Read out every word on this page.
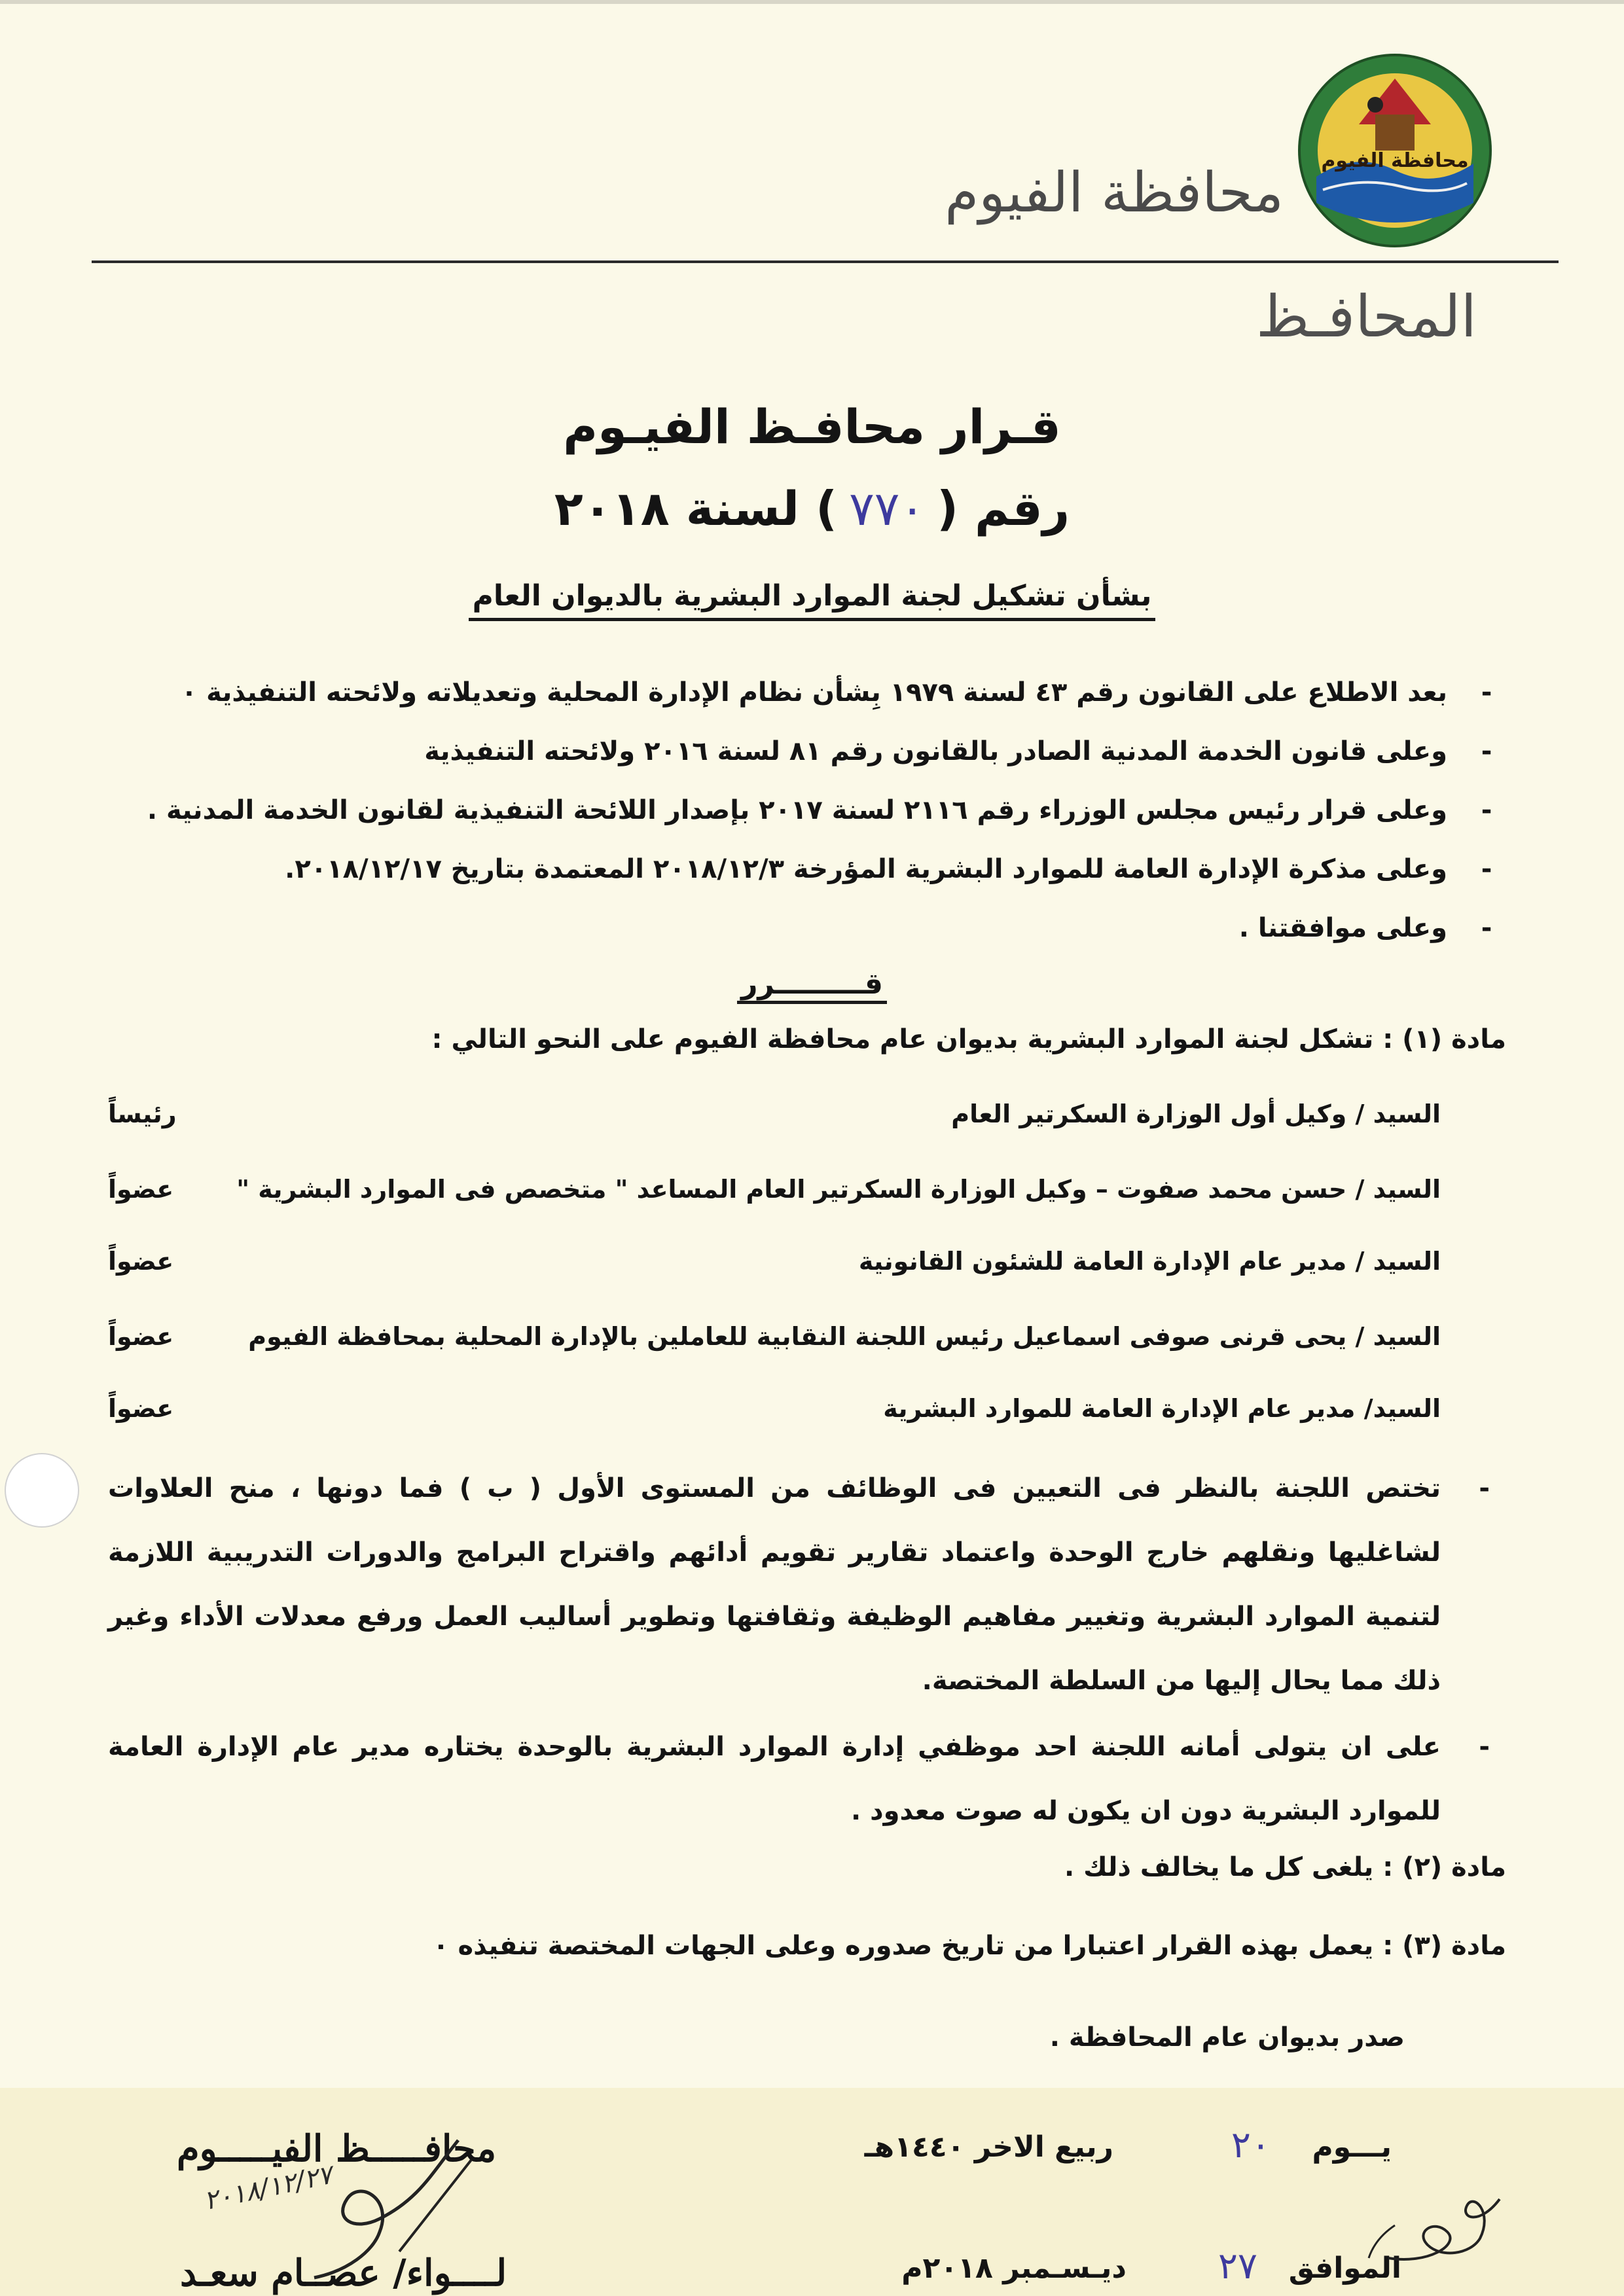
محافظة الفيوم
محافظة الفيوم
المحافـظ
قـرار محافـظ الفيـوم
رقم (٧٧٠) لسنة ٢٠١٨
بشأن تشكيل لجنة الموارد البشرية بالديوان العام
-بعد الاطلاع على القانون رقم ٤٣ لسنة ١٩٧٩ بِشأن نظام الإدارة المحلية وتعديلاته ولائحته التنفيذية ٠
-وعلى قانون الخدمة المدنية الصادر بالقانون رقم ٨١ لسنة ٢٠١٦ ولائحته التنفيذية
-وعلى قرار رئيس مجلس الوزراء رقم ٢١١٦ لسنة ٢٠١٧ بإصدار اللائحة التنفيذية لقانون الخدمة المدنية .
-وعلى مذكرة الإدارة العامة للموارد البشرية المؤرخة ٢٠١٨/١٢/٣ المعتمدة بتاريخ ٢٠١٨/١٢/١٧.
-وعلى موافقتنا .
قـــــــــرر
مادة (١) : تشكل لجنة الموارد البشرية بديوان عام محافظة الفيوم على النحو التالي :
السيد / وكيل أول الوزارة السكرتير العام
رئيساً
السيد / حسن محمد صفوت – وكيل الوزارة السكرتير العام المساعد " متخصص فى الموارد البشرية "
عضواً
السيد / مدير عام الإدارة العامة للشئون القانونية
عضواً
السيد / يحى قرنى صوفى اسماعيل رئيس اللجنة النقابية للعاملين بالإدارة المحلية بمحافظة الفيوم
عضواً
السيد/ مدير عام الإدارة العامة للموارد البشرية
عضواً
-
تختص اللجنة بالنظر فى التعيين فى الوظائف من المستوى الأول ( ب ) فما دونها ، منح العلاوات لشاغليها ونقلهم خارج الوحدة واعتماد تقارير تقويم أدائهم واقتراح البرامج والدورات التدريبية اللازمة لتنمية الموارد البشرية وتغيير مفاهيم الوظيفة وثقافتها وتطوير أساليب العمل ورفع معدلات الأداء وغير ذلك مما يحال إليها من السلطة المختصة.
-
على ان يتولى أمانه اللجنة احد موظفي إدارة الموارد البشرية بالوحدة يختاره مدير عام الإدارة العامة للموارد البشرية دون ان يكون له صوت معدود .
مادة (٢) : يلغى كل ما يخالف ذلك .
مادة (٣) : يعمل بهذه القرار اعتبارا من تاريخ صدوره وعلى الجهات المختصة تنفيذه ٠
صدر بديوان عام المحافظة .
يـــوم
٢٠
ربيع الاخر ١٤٤٠هـ
الموافق
٢٧
ديـسـمبر ٢٠١٨م
محافـــــظ الفيـــــوم
لــــواء/ عصــام سعـد
٢٠١٨/١٢/٢٧
